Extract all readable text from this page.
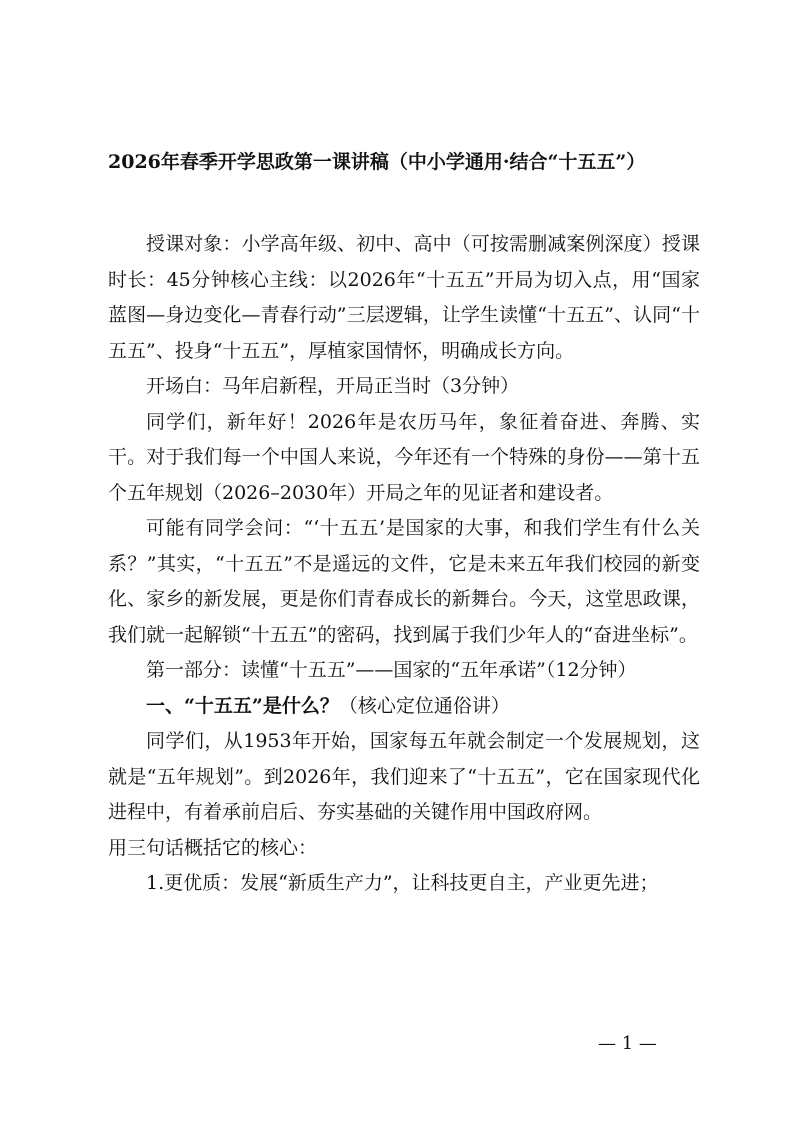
2026年春季开学思政第一课讲稿（中小学通用·结合“十五五”）

授课对象：小学高年级、初中、高中（可按需删减案例深度）授课时长：45分钟核心主线：以2026年“十五五”开局为切入点，用“国家蓝图—身边变化—青春行动”三层逻辑，让学生读懂“十五五”、认同“十五五”、投身“十五五”，厚植家国情怀，明确成长方向。

开场白：马年启新程，开局正当时（3分钟）

同学们，新年好！2026年是农历马年，象征着奋进、奔腾、实干。对于我们每一个中国人来说，今年还有一个特殊的身份——第十五个五年规划（2026–2030年）开局之年的见证者和建设者。

可能有同学会问：“‘十五五’是国家的大事，和我们学生有什么关系？”其实，“十五五”不是遥远的文件，它是未来五年我们校园的新变化、家乡的新发展，更是你们青春成长的新舞台。今天，这堂思政课，我们就一起解锁“十五五”的密码，找到属于我们少年人的“奋进坐标”。

第一部分：读懂“十五五”——国家的“五年承诺”（12分钟）

一、“十五五”是什么？（核心定位通俗讲）

同学们，从1953年开始，国家每五年就会制定一个发展规划，这就是“五年规划”。到2026年，我们迎来了“十五五”，它在国家现代化进程中，有着承前启后、夯实基础的关键作用中国政府网。

用三句话概括它的核心：

1.更优质：发展“新质生产力”，让科技更自主，产业更先进；

— 1 —
